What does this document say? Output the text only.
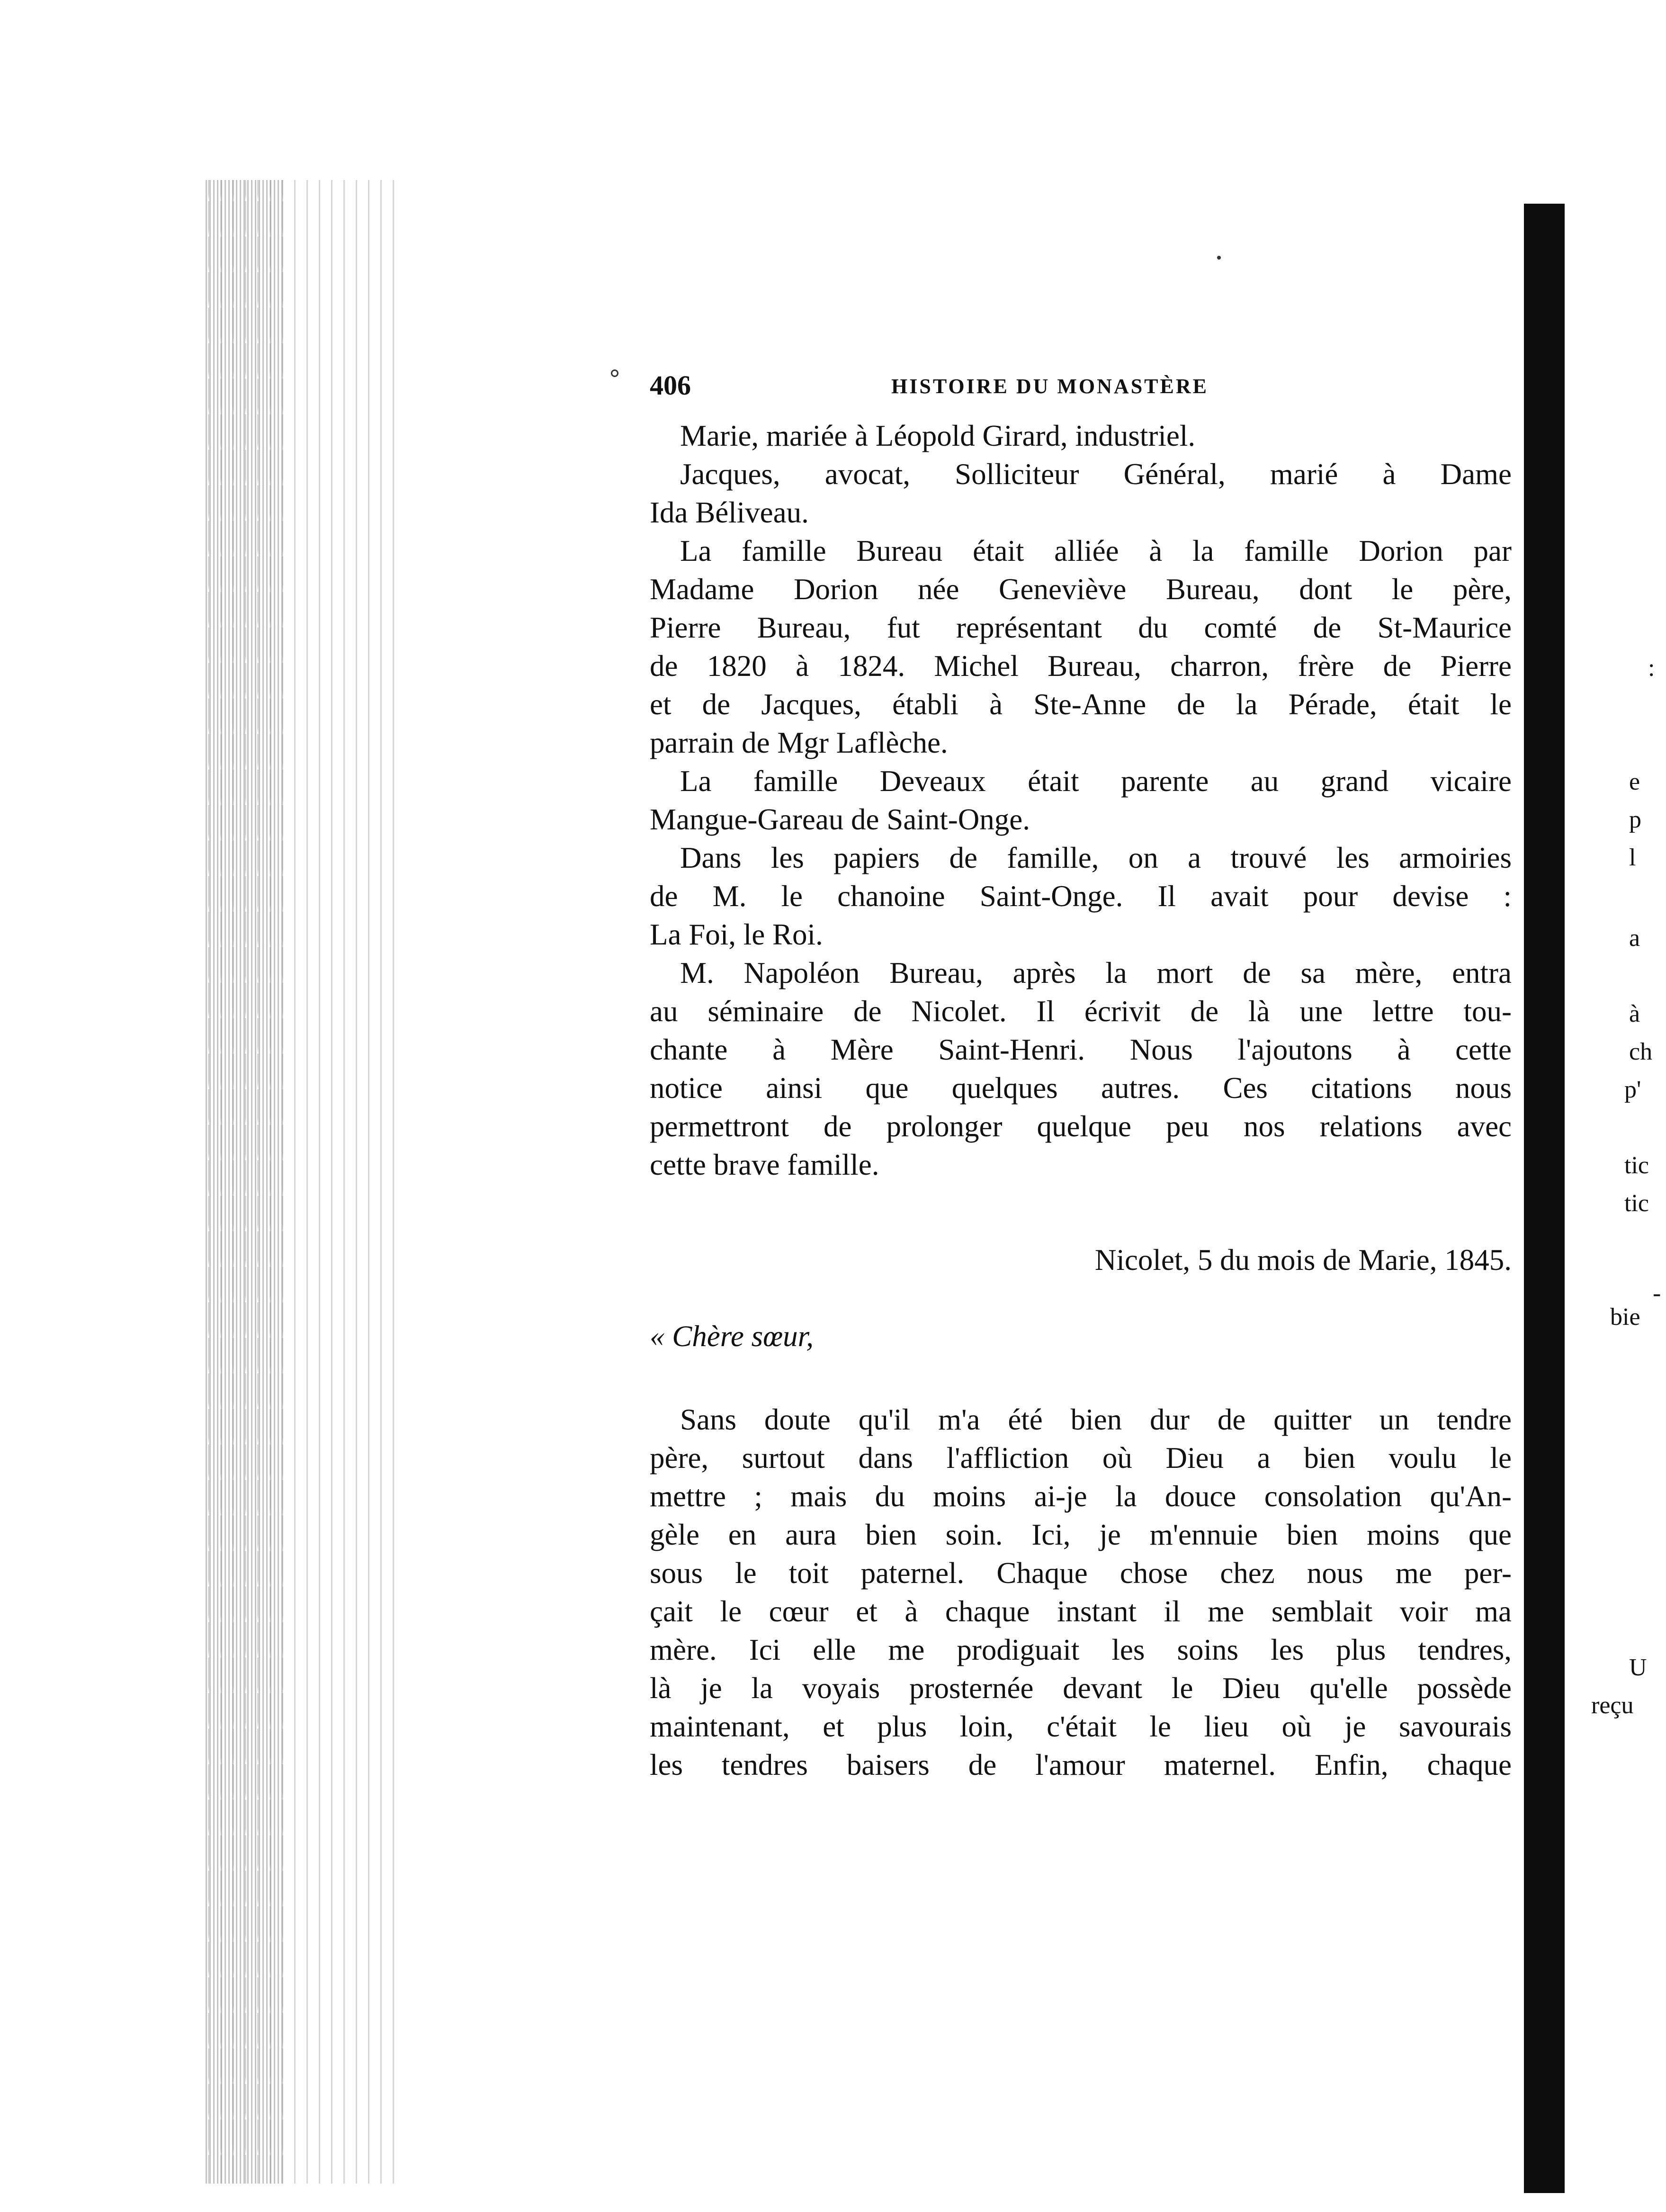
:
e
p
l
a
à
ch
p'
tic
tic
-
bie
U
reçu
406	HISTOIRE DU MONASTÈRE

Marie, mariée à Léopold Girard, industriel.

Jacques, avocat, Solliciteur Général, marié à Dame
Ida Béliveau.

La famille Bureau était alliée à la famille Dorion par
Madame Dorion née Geneviève Bureau, dont le père,
Pierre Bureau, fut représentant du comté de St-Maurice
de 1820 à 1824. Michel Bureau, charron, frère de Pierre
et de Jacques, établi à Ste-Anne de la Pérade, était le
parrain de Mgr Laflèche.

La famille Deveaux était parente au grand vicaire
Mangue-Gareau de Saint-Onge.

Dans les papiers de famille, on a trouvé les armoiries
de M. le chanoine Saint-Onge. Il avait pour devise :
La Foi, le Roi.

M. Napoléon Bureau, après la mort de sa mère, entra
au séminaire de Nicolet. Il écrivit de là une lettre tou-
chante à Mère Saint-Henri. Nous l'ajoutons à cette
notice ainsi que quelques autres. Ces citations nous
permettront de prolonger quelque peu nos relations avec
cette brave famille.

Nicolet, 5 du mois de Marie, 1845.
« Chère sœur,

Sans doute qu'il m'a été bien dur de quitter un tendre
père, surtout dans l'affliction où Dieu a bien voulu le
mettre ; mais du moins ai-je la douce consolation qu'An-
gèle en aura bien soin. Ici, je m'ennuie bien moins que
sous le toit paternel. Chaque chose chez nous me per-
çait le cœur et à chaque instant il me semblait voir ma
mère. Ici elle me prodiguait les soins les plus tendres,
là je la voyais prosternée devant le Dieu qu'elle possède
maintenant, et plus loin, c'était le lieu où je savourais
les tendres baisers de l'amour maternel. Enfin, chaque
